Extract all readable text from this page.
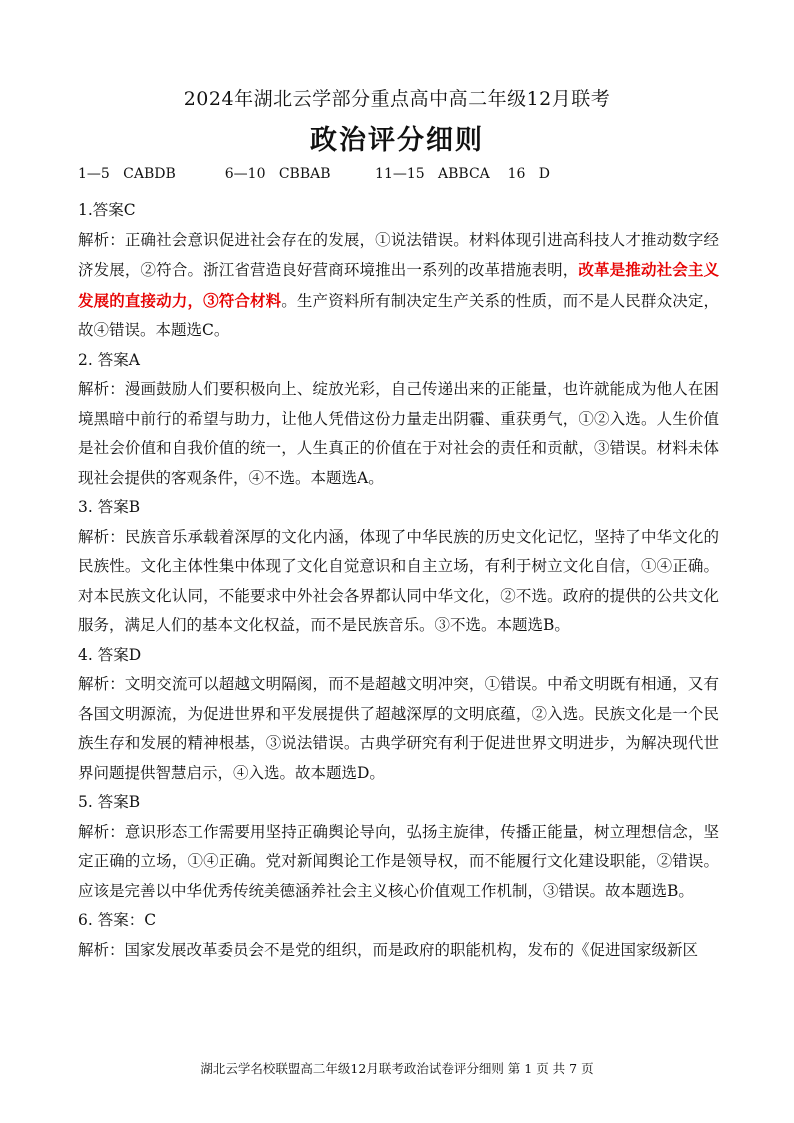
2024年湖北云学部分重点高中高二年级12月联考
政治评分细则
1—5   CABDB	6—10   CBBAB	11—15   ABBCA 16   D

1.答案C

解析：正确社会意识促进社会存在的发展，①说法错误。材料体现引进高科技人才推动数字经济发展，②符合。浙江省营造良好营商环境推出一系列的改革措施表明，改革是推动社会主义发展的直接动力，③符合材料。生产资料所有制决定生产关系的性质，而不是人民群众决定，故④错误。本题选C。

2. 答案A

解析：漫画鼓励人们要积极向上、绽放光彩，自己传递出来的正能量，也许就能成为他人在困境黑暗中前行的希望与助力，让他人凭借这份力量走出阴霾、重获勇气，①②入选。人生价值是社会价值和自我价值的统一，人生真正的价值在于对社会的责任和贡献，③错误。材料未体现社会提供的客观条件，④不选。本题选A。

3. 答案B

解析：民族音乐承载着深厚的文化内涵，体现了中华民族的历史文化记忆，坚持了中华文化的民族性。文化主体性集中体现了文化自觉意识和自主立场，有利于树立文化自信，①④正确。对本民族文化认同，不能要求中外社会各界都认同中华文化，②不选。政府的提供的公共文化服务，满足人们的基本文化权益，而不是民族音乐。③不选。本题选B。

4. 答案D

解析：文明交流可以超越文明隔阂，而不是超越文明冲突，①错误。中希文明既有相通，又有各国文明源流，为促进世界和平发展提供了超越深厚的文明底蕴，②入选。民族文化是一个民族生存和发展的精神根基，③说法错误。古典学研究有利于促进世界文明进步，为解决现代世界问题提供智慧启示，④入选。故本题选D。

5. 答案B

解析：意识形态工作需要用坚持正确舆论导向，弘扬主旋律，传播正能量，树立理想信念，坚定正确的立场，①④正确。党对新闻舆论工作是领导权，而不能履行文化建设职能，②错误。应该是完善以中华优秀传统美德涵养社会主义核心价值观工作机制，③错误。故本题选B。

6. 答案：C

解析：国家发展改革委员会不是党的组织，而是政府的职能机构，发布的《促进国家级新区

湖北云学名校联盟高二年级12月联考政治试卷评分细则 第 1 页 共 7 页
